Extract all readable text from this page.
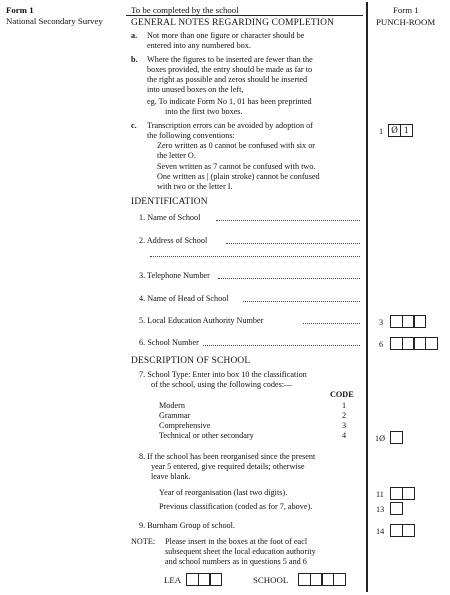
Form 1
National Secondary Survey
To be completed by the school	Form 1
PUNCH-ROOM
GENERAL NOTES REGARDING COMPLETION
a. Not more than one figure or character should be
entered into any numbered box.
b. Where the figures to be inserted are fewer than the
boxes provided, the entry should be made as far to
the right as possible and zeros should be inserted
into unused boxes on the left,
eg. To indicate Form No 1, 01 has been preprinted
into the first two boxes.
c. Transcription errors can be avoided by adoption of
the following conventions:
Zero written as 0 cannot be confused with six or
the letter O.
Seven written as 7 cannot be confused with two.
One written as | (plain stroke) cannot be confused
with two or the letter I.
IDENTIFICATION
1. Name of School
2. Address of School
3. Telephone Number
4. Name of Head of School
5. Local Education Authority Number
6. School Number
DESCRIPTION OF SCHOOL
7. School Type: Enter into box 10 the classification
of the school, using the following codes:—
CODE
Modern	1
Grammar	2
Comprehensive	3
Technical or other secondary	4
8. If the school has been reorganised since the present
year 5 entered, give required details; otherwise
leave blank.
Year of reorganisation (last two digits).
Previous classification (coded as for 7, above).
9. Burnham Group of school.
NOTE: Please insert in the boxes at the foot of eacl
subsequent sheet the local education authority
and school numbers as in questions 5 and 6
LEA	SCHOOL
1 Ø 1
3
6
1Ø
11
13
14
